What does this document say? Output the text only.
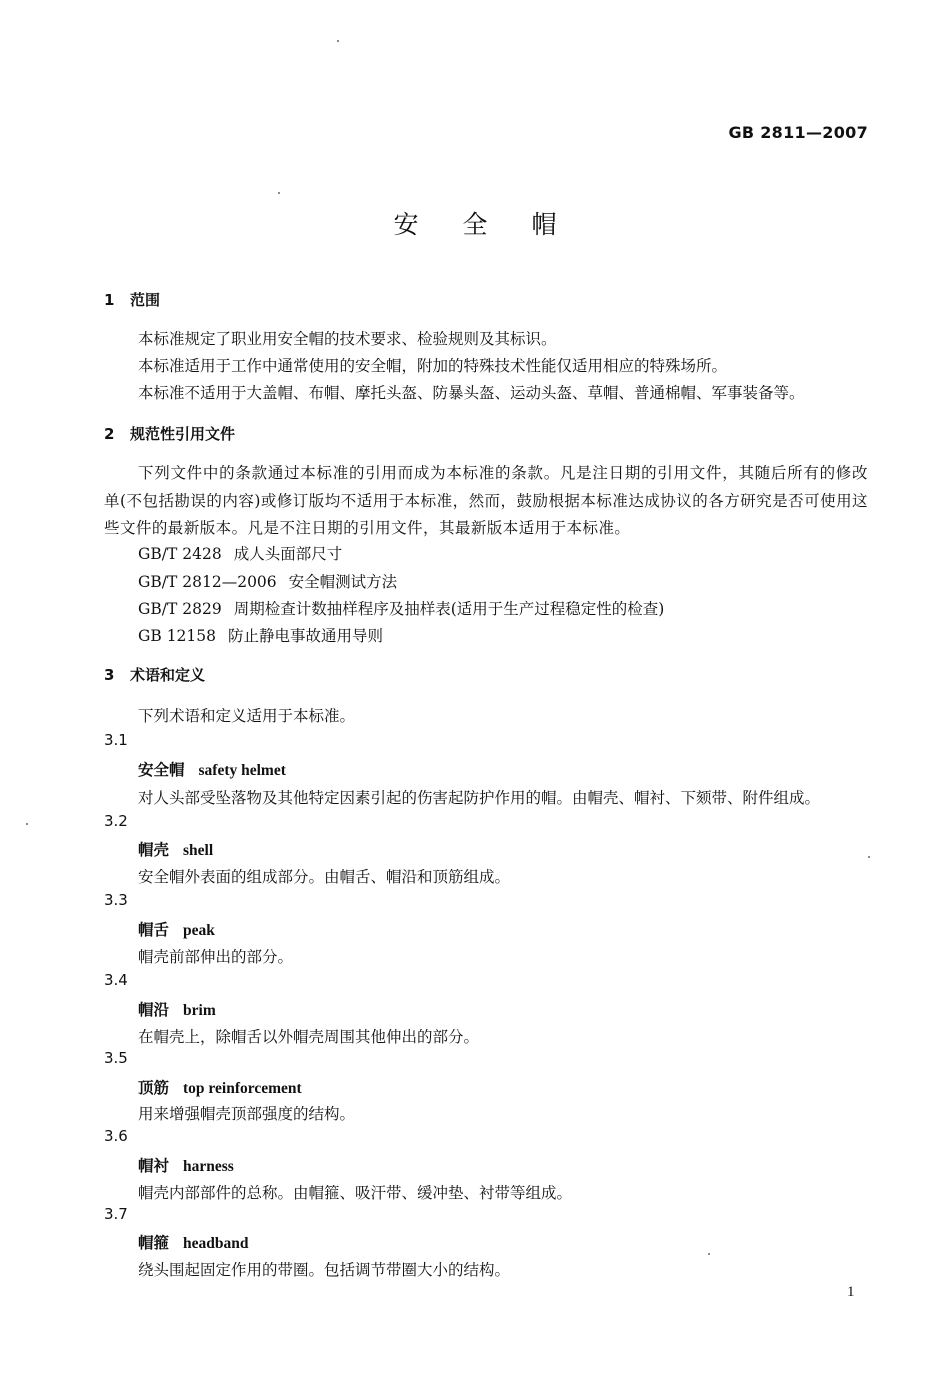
GB 2811—2007
安全帽
1 范围
本标准规定了职业用安全帽的技术要求、检验规则及其标识。
本标准适用于工作中通常使用的安全帽，附加的特殊技术性能仅适用相应的特殊场所。
本标准不适用于大盖帽、布帽、摩托头盔、防暴头盔、运动头盔、草帽、普通棉帽、军事装备等。
2 规范性引用文件
下列文件中的条款通过本标准的引用而成为本标准的条款。凡是注日期的引用文件，其随后所有的修改单(不包括勘误的内容)或修订版均不适用于本标准，然而，鼓励根据本标准达成协议的各方研究是否可使用这些文件的最新版本。凡是不注日期的引用文件，其最新版本适用于本标准。
GB/T 2428 成人头面部尺寸
GB/T 2812—2006 安全帽测试方法
GB/T 2829 周期检查计数抽样程序及抽样表(适用于生产过程稳定性的检查)
GB 12158 防止静电事故通用导则
3 术语和定义
下列术语和定义适用于本标准。
3.1
安全帽 safety helmet
对人头部受坠落物及其他特定因素引起的伤害起防护作用的帽。由帽壳、帽衬、下颏带、附件组成。
3.2
帽壳 shell
安全帽外表面的组成部分。由帽舌、帽沿和顶筋组成。
3.3
帽舌 peak
帽壳前部伸出的部分。
3.4
帽沿 brim
在帽壳上，除帽舌以外帽壳周围其他伸出的部分。
3.5
顶筋 top reinforcement
用来增强帽壳顶部强度的结构。
3.6
帽衬 harness
帽壳内部部件的总称。由帽箍、吸汗带、缓冲垫、衬带等组成。
3.7
帽箍 headband
绕头围起固定作用的带圈。包括调节带圈大小的结构。
1
